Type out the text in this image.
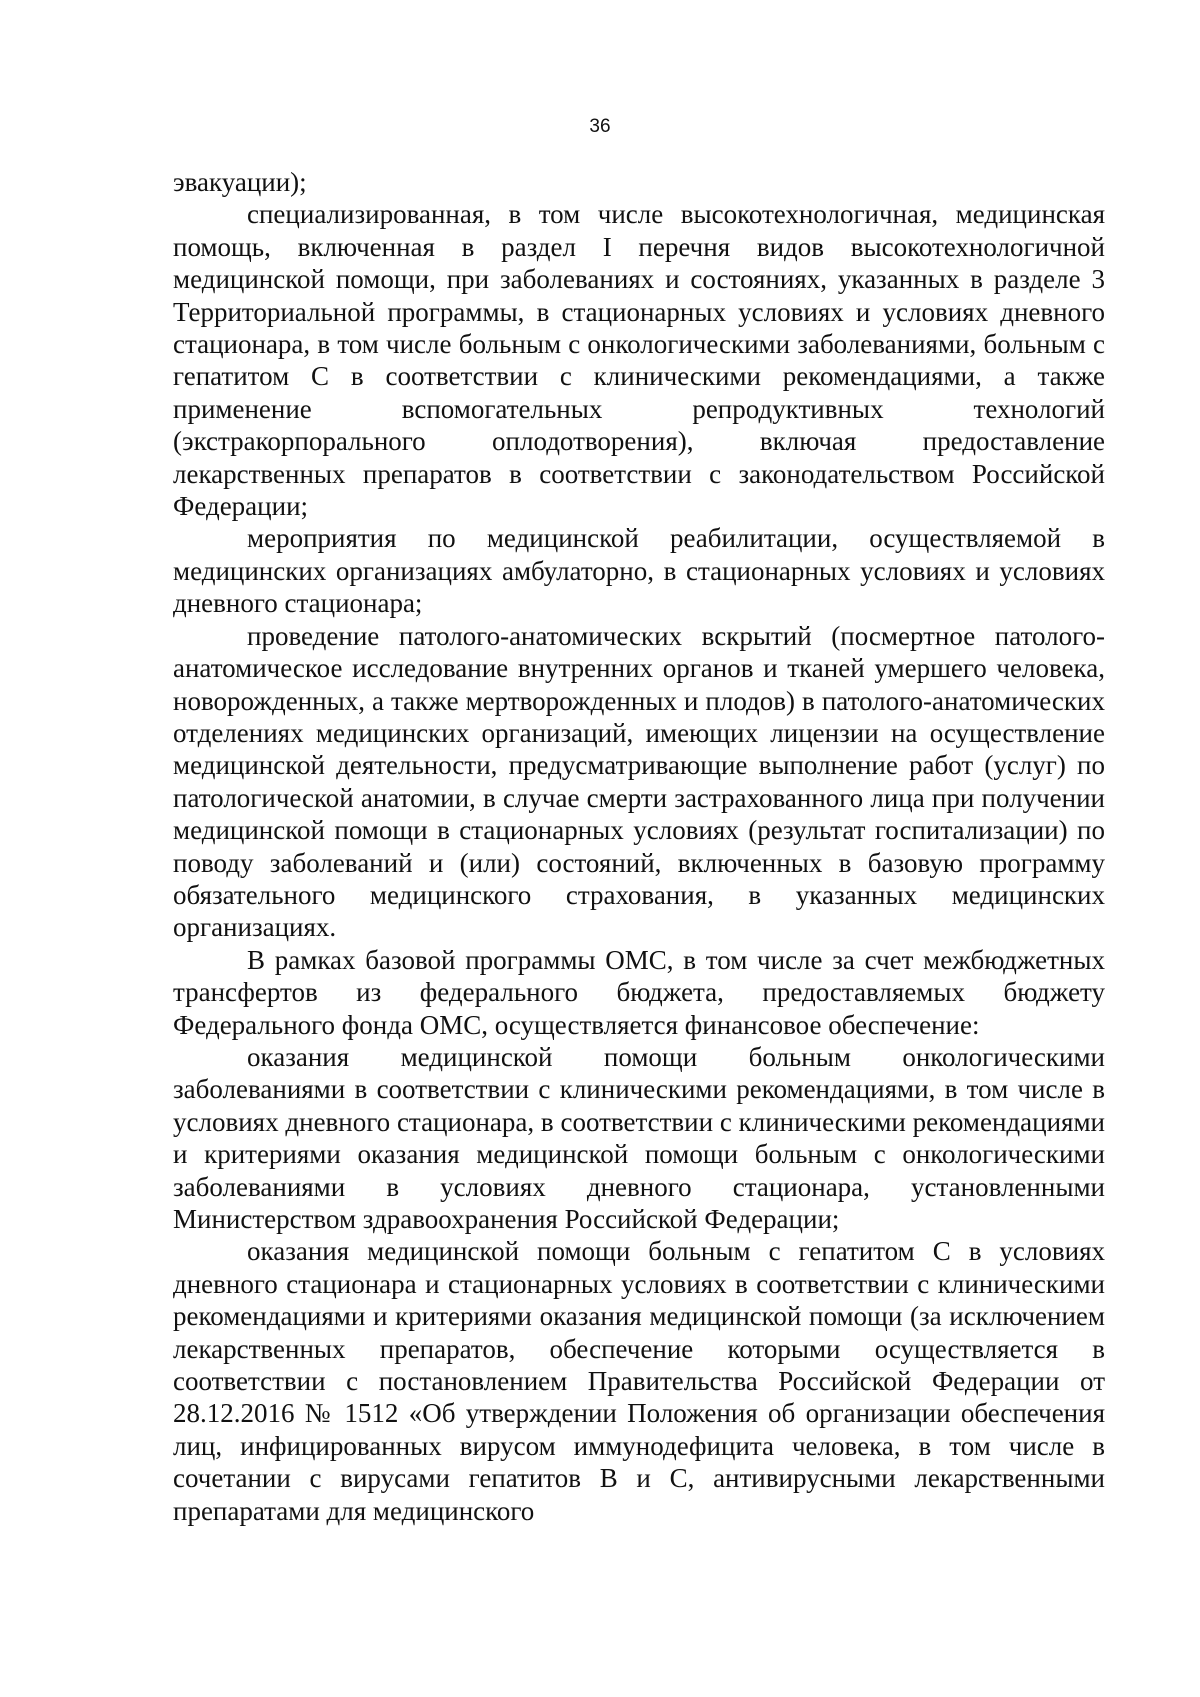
36

эвакуации);

специализированная, в том числе высокотехнологичная, медицинская помощь, включенная в раздел I перечня видов высокотехнологичной медицинской помощи, при заболеваниях и состояниях, указанных в разделе 3 Территориальной программы, в стационарных условиях и условиях дневного стационара, в том числе больным с онкологическими заболеваниями, больным с гепатитом С в соответствии с клиническими рекомендациями, а также применение вспомогательных репродуктивных технологий (экстракорпорального оплодотворения), включая предоставление лекарственных препаратов в соответствии с законодательством Российской Федерации;

мероприятия по медицинской реабилитации, осуществляемой в медицинских организациях амбулаторно, в стационарных условиях и условиях дневного стационара;

проведение патолого-анатомических вскрытий (посмертное патолого-анатомическое исследование внутренних органов и тканей умершего человека, новорожденных, а также мертворожденных и плодов) в патолого-анатомических отделениях медицинских организаций, имеющих лицензии на осуществление медицинской деятельности, предусматривающие выполнение работ (услуг) по патологической анатомии, в случае смерти застрахованного лица при получении медицинской помощи в стационарных условиях (результат госпитализации) по поводу заболеваний и (или) состояний, включенных в базовую программу обязательного медицинского страхования, в указанных медицинских организациях.

В рамках базовой программы ОМС, в том числе за счет межбюджетных трансфертов из федерального бюджета, предоставляемых бюджету Федерального фонда ОМС, осуществляется финансовое обеспечение:

оказания медицинской помощи больным онкологическими заболеваниями в соответствии с клиническими рекомендациями, в том числе в условиях дневного стационара, в соответствии с клиническими рекомендациями и критериями оказания медицинской помощи больным с онкологическими заболеваниями в условиях дневного стационара, установленными Министерством здравоохранения Российской Федерации;

оказания медицинской помощи больным с гепатитом С в условиях дневного стационара и стационарных условиях в соответствии с клиническими рекомендациями и критериями оказания медицинской помощи (за исключением лекарственных препаратов, обеспечение которыми осуществляется в соответствии с постановлением Правительства Российской Федерации от 28.12.2016 № 1512 «Об утверждении Положения об организации обеспечения лиц, инфицированных вирусом иммунодефицита человека, в том числе в сочетании с вирусами гепатитов В и С, антивирусными лекарственными препаратами для медицинского
